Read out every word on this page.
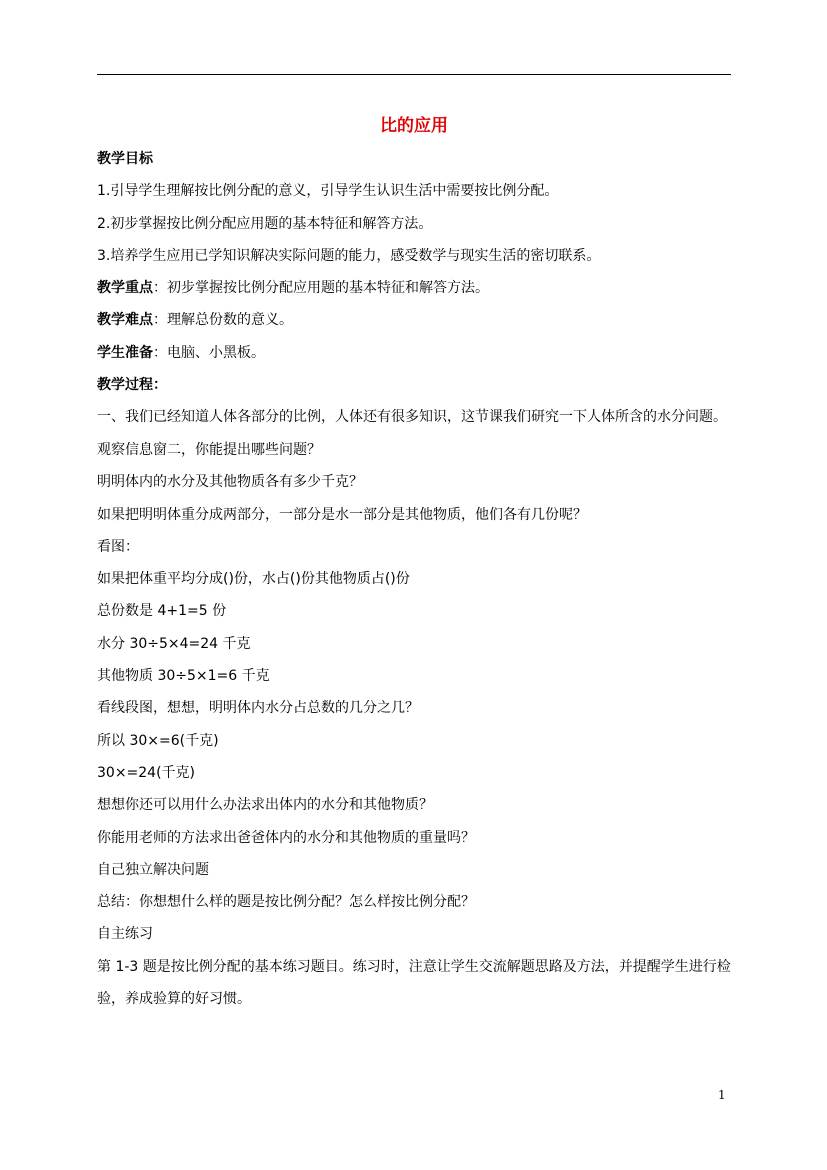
比的应用
教学目标
1.引导学生理解按比例分配的意义，引导学生认识生活中需要按比例分配。
2.初步掌握按比例分配应用题的基本特征和解答方法。
3.培养学生应用已学知识解决实际问题的能力，感受数学与现实生活的密切联系。
教学重点：初步掌握按比例分配应用题的基本特征和解答方法。
教学难点：理解总份数的意义。
学生准备：电脑、小黑板。
教学过程：
一、我们已经知道人体各部分的比例，人体还有很多知识，这节课我们研究一下人体所含的水分问题。
观察信息窗二，你能提出哪些问题？
明明体内的水分及其他物质各有多少千克？
如果把明明体重分成两部分，一部分是水一部分是其他物质，他们各有几份呢？
看图：
如果把体重平均分成()份，水占()份其他物质占()份
总份数是 4+1=5 份
水分 30÷5×4=24 千克
其他物质 30÷5×1=6 千克
看线段图，想想，明明体内水分占总数的几分之几？
所以 30×=6(千克)
30×=24(千克)
想想你还可以用什么办法求出体内的水分和其他物质？
你能用老师的方法求出爸爸体内的水分和其他物质的重量吗？
自己独立解决问题
总结：你想想什么样的题是按比例分配？怎么样按比例分配？
自主练习
第 1-3 题是按比例分配的基本练习题目。练习时，注意让学生交流解题思路及方法，并提醒学生进行检验，养成验算的好习惯。
1
